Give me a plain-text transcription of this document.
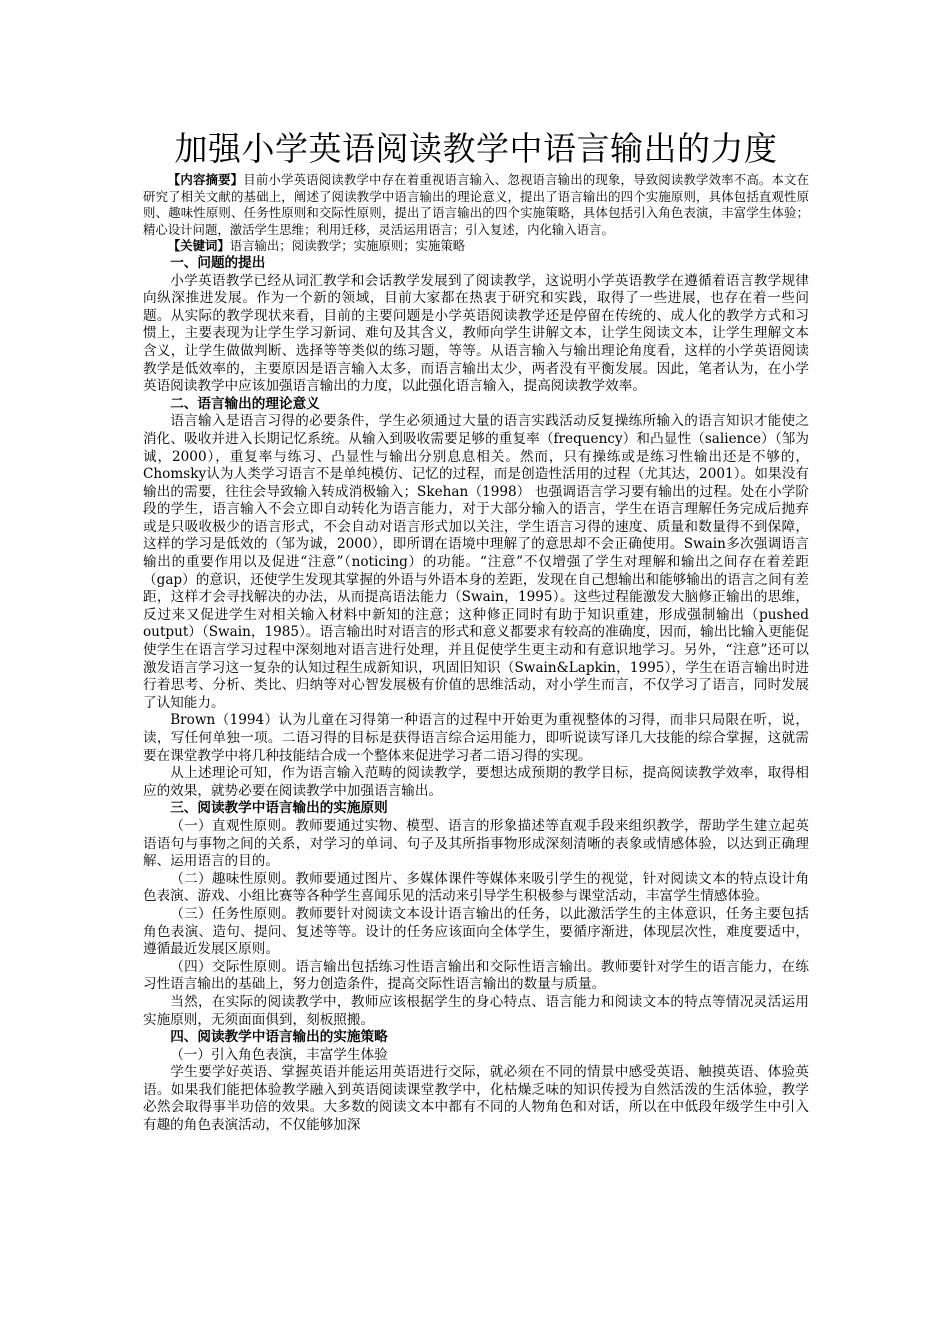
加强小学英语阅读教学中语言输出的力度

【内容摘要】目前小学英语阅读教学中存在着重视语言输入、忽视语言输出的现象，导致阅读教学效率不高。本文在研究了相关文献的基础上，阐述了阅读教学中语言输出的理论意义，提出了语言输出的四个实施原则，具体包括直观性原则、趣味性原则、任务性原则和交际性原则，提出了语言输出的四个实施策略，具体包括引入角色表演，丰富学生体验；精心设计问题，激活学生思维；利用迁移，灵活运用语言；引入复述，内化输入语言。

【关键词】语言输出；阅读教学；实施原则；实施策略

一、问题的提出

小学英语教学已经从词汇教学和会话教学发展到了阅读教学，这说明小学英语教学在遵循着语言教学规律向纵深推进发展。作为一个新的领域，目前大家都在热衷于研究和实践，取得了一些进展，也存在着一些问题。从实际的教学现状来看，目前的主要问题是小学英语阅读教学还是停留在传统的、成人化的教学方式和习惯上，主要表现为让学生学习新词、难句及其含义，教师向学生讲解文本，让学生阅读文本，让学生理解文本含义，让学生做做判断、选择等等类似的练习题，等等。从语言输入与输出理论角度看，这样的小学英语阅读教学是低效率的，主要原因是语言输入太多，而语言输出太少，两者没有平衡发展。因此，笔者认为，在小学英语阅读教学中应该加强语言输出的力度，以此强化语言输入，提高阅读教学效率。

二、语言输出的理论意义

语言输入是语言习得的必要条件，学生必须通过大量的语言实践活动反复操练所输入的语言知识才能使之消化、吸收并进入长期记忆系统。从输入到吸收需要足够的重复率（frequency）和凸显性（salience）（邹为诚，2000），重复率与练习、凸显性与输出分别息息相关。然而，只有操练或是练习性输出还是不够的，Chomsky认为人类学习语言不是单纯模仿、记忆的过程，而是创造性活用的过程（尤其达，2001）。如果没有输出的需要，往往会导致输入转成消极输入；Skehan（1998） 也强调语言学习要有输出的过程。处在小学阶段的学生，语言输入不会立即自动转化为语言能力，对于大部分输入的语言，学生在语言理解任务完成后抛弃或是只吸收极少的语言形式，不会自动对语言形式加以关注，学生语言习得的速度、质量和数量得不到保障，这样的学习是低效的（邹为诚，2000），即所谓在语境中理解了的意思却不会正确使用。Swain多次强调语言输出的重要作用以及促进“注意”（noticing）的功能。“注意”不仅增强了学生对理解和输出之间存在着差距（gap）的意识，还使学生发现其掌握的外语与外语本身的差距，发现在自己想输出和能够输出的语言之间有差距，这样才会寻找解决的办法，从而提高语法能力（Swain，1995）。这些过程能激发大脑修正输出的思维，反过来又促进学生对相关输入材料中新知的注意；这种修正同时有助于知识重建，形成强制输出（pushed output）（Swain，1985）。语言输出时对语言的形式和意义都要求有较高的准确度，因而，输出比输入更能促使学生在语言学习过程中深刻地对语言进行处理，并且促使学生更主动和有意识地学习。另外，“注意”还可以激发语言学习这一复杂的认知过程生成新知识，巩固旧知识（Swain&Lapkin，1995），学生在语言输出时进行着思考、分析、类比、归纳等对心智发展极有价值的思维活动，对小学生而言，不仅学习了语言，同时发展了认知能力。

Brown（1994）认为儿童在习得第一种语言的过程中开始更为重视整体的习得，而非只局限在听，说，读，写任何单独一项。二语习得的目标是获得语言综合运用能力，即听说读写译几大技能的综合掌握，这就需要在课堂教学中将几种技能结合成一个整体来促进学习者二语习得的实现。

从上述理论可知，作为语言输入范畴的阅读教学，要想达成预期的教学目标，提高阅读教学效率，取得相应的效果，就势必要在阅读教学中加强语言输出。

三、阅读教学中语言输出的实施原则

（一）直观性原则。教师要通过实物、模型、语言的形象描述等直观手段来组织教学，帮助学生建立起英语语句与事物之间的关系，对学习的单词、句子及其所指事物形成深刻清晰的表象或情感体验，以达到正确理解、运用语言的目的。

（二）趣味性原则。教师要通过图片、多媒体课件等媒体来吸引学生的视觉，针对阅读文本的特点设计角色表演、游戏、小组比赛等各种学生喜闻乐见的活动来引导学生积极参与课堂活动，丰富学生情感体验。

（三）任务性原则。教师要针对阅读文本设计语言输出的任务，以此激活学生的主体意识，任务主要包括角色表演、造句、提问、复述等等。设计的任务应该面向全体学生，要循序渐进，体现层次性，难度要适中，遵循最近发展区原则。

（四）交际性原则。语言输出包括练习性语言输出和交际性语言输出。教师要针对学生的语言能力，在练习性语言输出的基础上，努力创造条件，提高交际性语言输出的数量与质量。

当然，在实际的阅读教学中，教师应该根据学生的身心特点、语言能力和阅读文本的特点等情况灵活运用实施原则，无须面面俱到，刻板照搬。

四、阅读教学中语言输出的实施策略

（一）引入角色表演，丰富学生体验

学生要学好英语、掌握英语并能运用英语进行交际，就必须在不同的情景中感受英语、触摸英语、体验英语。如果我们能把体验教学融入到英语阅读课堂教学中，化枯燥乏味的知识传授为自然活泼的生活体验，教学必然会取得事半功倍的效果。大多数的阅读文本中都有不同的人物角色和对话，所以在中低段年级学生中引入有趣的角色表演活动，不仅能够加深
